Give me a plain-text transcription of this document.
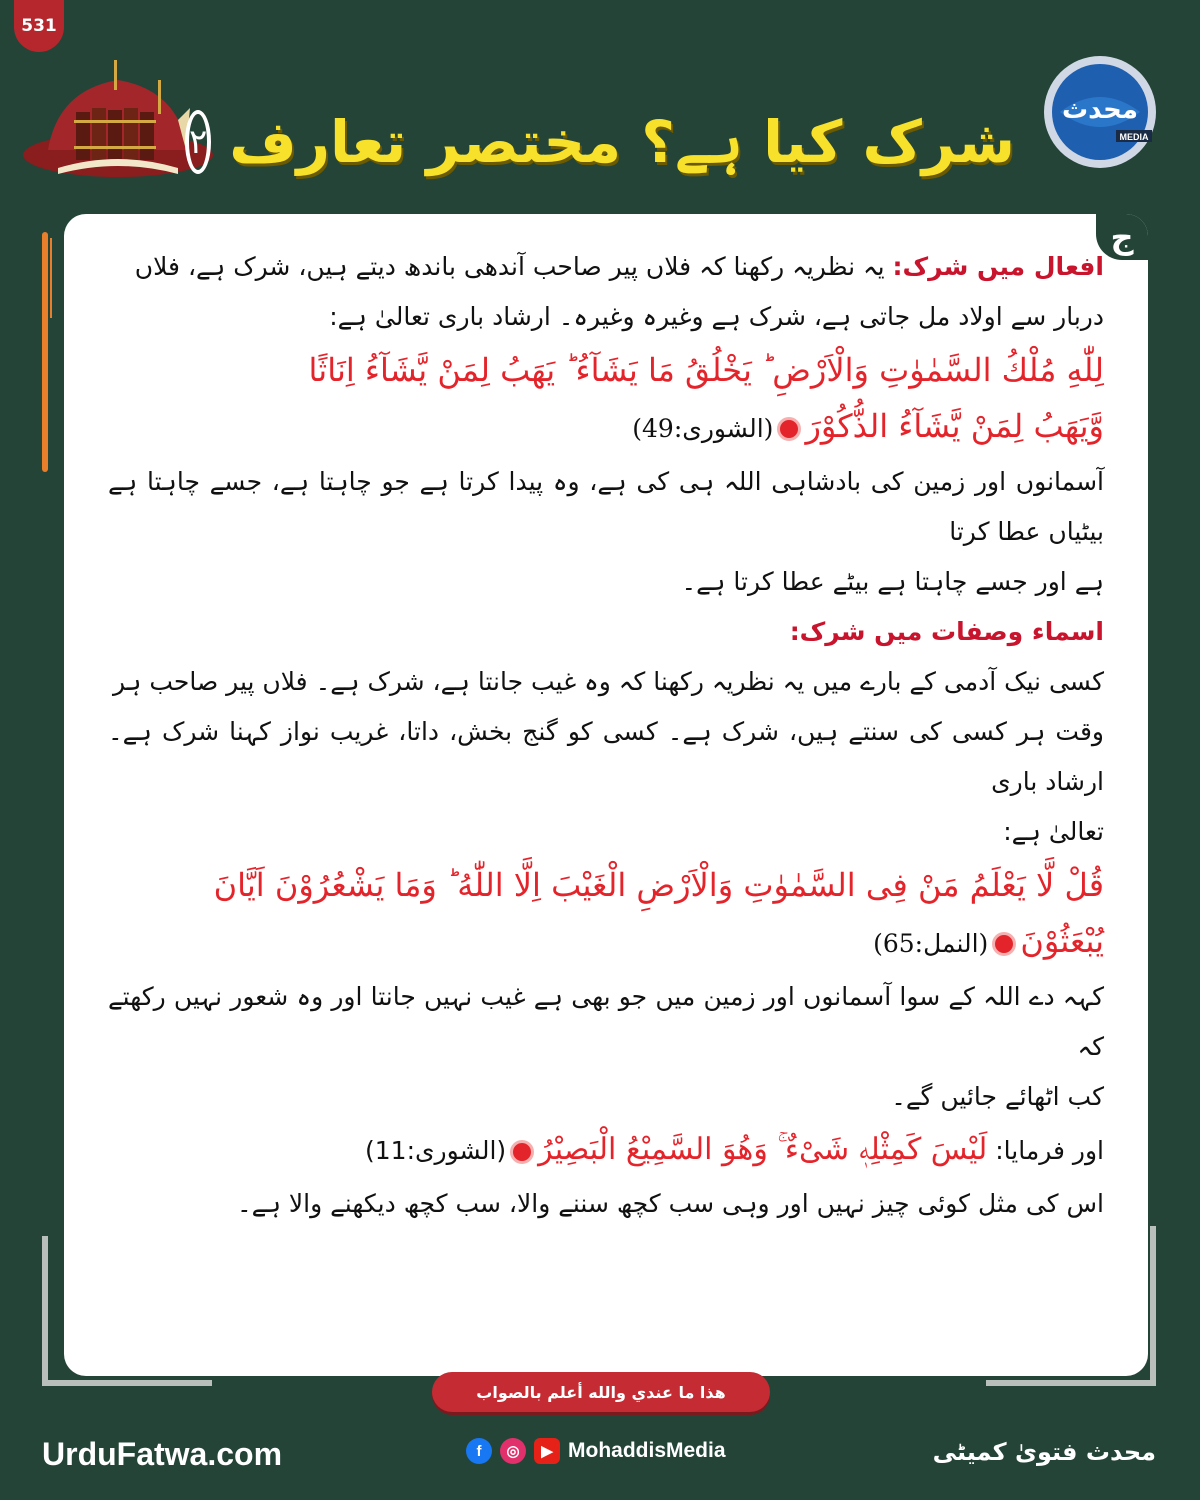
531
محدث
MEDIA
شرک کیا ہے؟ مختصر تعارف
۲
ج

افعال میں شرک: یہ نظریہ رکھنا کہ فلاں پیر صاحب آندھی باندھ دیتے ہیں، شرک ہے، فلاں

دربار سے اولاد مل جاتی ہے، شرک ہے وغیرہ وغیرہ۔ ارشاد باری تعالیٰ ہے:

لِلّٰهِ مُلْكُ السَّمٰوٰتِ وَالْاَرْضِ ؕ يَخْلُقُ مَا يَشَآءُ ؕ يَهَبُ لِمَنْ يَّشَآءُ اِنَاثًا

وَّيَهَبُ لِمَنْ يَّشَآءُ الذُّكُوْرَ(الشوری:49)

آسمانوں اور زمین کی بادشاہی اللہ ہی کی ہے، وہ پیدا کرتا ہے جو چاہتا ہے، جسے چاہتا ہے بیٹیاں عطا کرتا

ہے اور جسے چاہتا ہے بیٹے عطا کرتا ہے۔

اسماء وصفات میں شرک:

کسی نیک آدمی کے بارے میں یہ نظریہ رکھنا کہ وہ غیب جانتا ہے، شرک ہے۔ فلاں پیر صاحب ہر

وقت ہر کسی کی سنتے ہیں، شرک ہے۔ کسی کو گنج بخش، داتا، غریب نواز کہنا شرک ہے۔ ارشاد باری

تعالیٰ ہے:

قُلْ لَّا يَعْلَمُ مَنْ فِى السَّمٰوٰتِ وَالْاَرْضِ الْغَيْبَ اِلَّا اللّٰهُ ؕ وَمَا يَشْعُرُوْنَ اَيَّانَ

يُبْعَثُوْنَ(النمل:65)

کہہ دے اللہ کے سوا آسمانوں اور زمین میں جو بھی ہے غیب نہیں جانتا اور وہ شعور نہیں رکھتے کہ

کب اٹھائے جائیں گے۔

اور فرمایا: لَيْسَ كَمِثْلِهٖ شَىْءٌ ۚ وَهُوَ السَّمِيْعُ الْبَصِيْرُ(الشوری:11)

اس کی مثل کوئی چیز نہیں اور وہی سب کچھ سننے والا، سب کچھ دیکھنے والا ہے۔

هذا ما عندي والله أعلم بالصواب
UrduFatwa.com	f	◎	▶ MohaddisMedia	محدث فتویٰ کمیٹی
